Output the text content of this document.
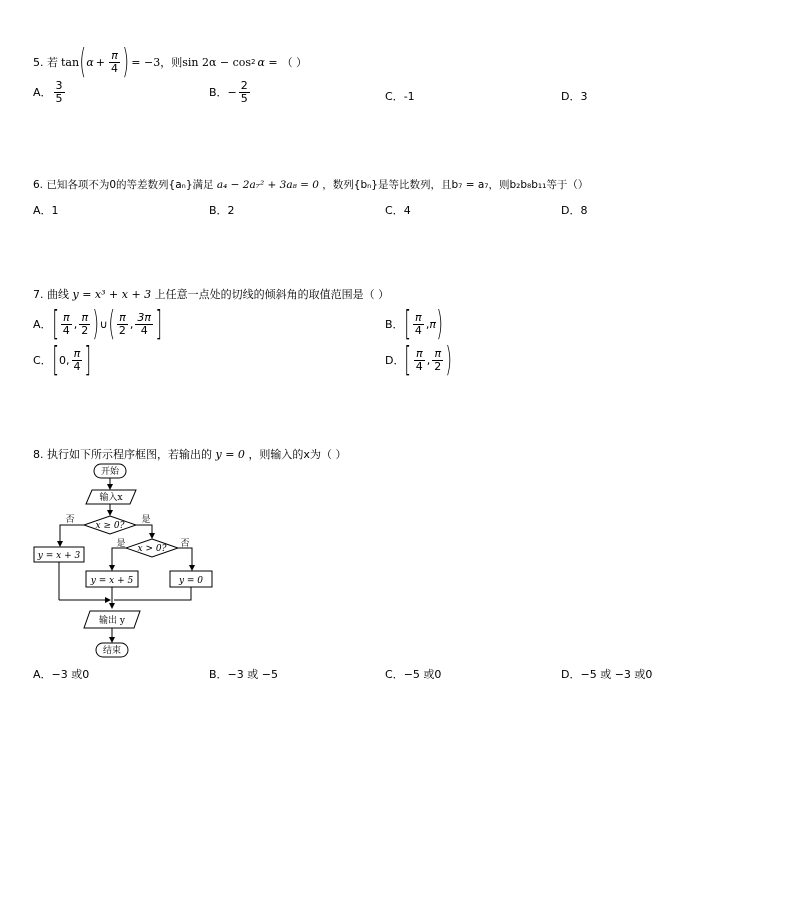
5.
若 tan ( $\alpha + \frac{\pi}{4}$ ) = −3 ，则 sin 2α − cos 2 α = （ ）
A． $\frac{3}{5}$	B． − $\frac{2}{5}$	C．-1	D．3
6. 已知各项不为0的等差数列{aₙ}满足 a₄ − 2a₇² + 3a₈ = 0 ，数列{bₙ}是等比数列，且b₇ = a₇，则b₂b₈b₁₁等于（）
A．1	B．2	C．4	D．8
7. 曲线 y = x³ + x + 3 上任意一点处的切线的倾斜角的取值范围是（ ）
A． [ $\frac{\pi}{4}$ , $\frac{\pi}{2}$ ) ∪ ( $\frac{\pi}{2}$ , $\frac{3\pi}{4}$ ]	B． [ $\frac{\pi}{4}$ , π )
C． [ 0 , $\frac{\pi}{4}$ ]	D． [ $\frac{\pi}{4}$ , $\frac{\pi}{2}$ )
8. 执行如下所示程序框图，若输出的 y = 0 ，则输入的x为（ ）
开始
输入x
x ≥ 0?
否	是
y = x + 3
x > 0?
是	否
y = x + 5	y = 0
输出 y
结束
A．−3 或0	B．−3 或 −5	C．−5 或0	D．−5 或 −3 或0
